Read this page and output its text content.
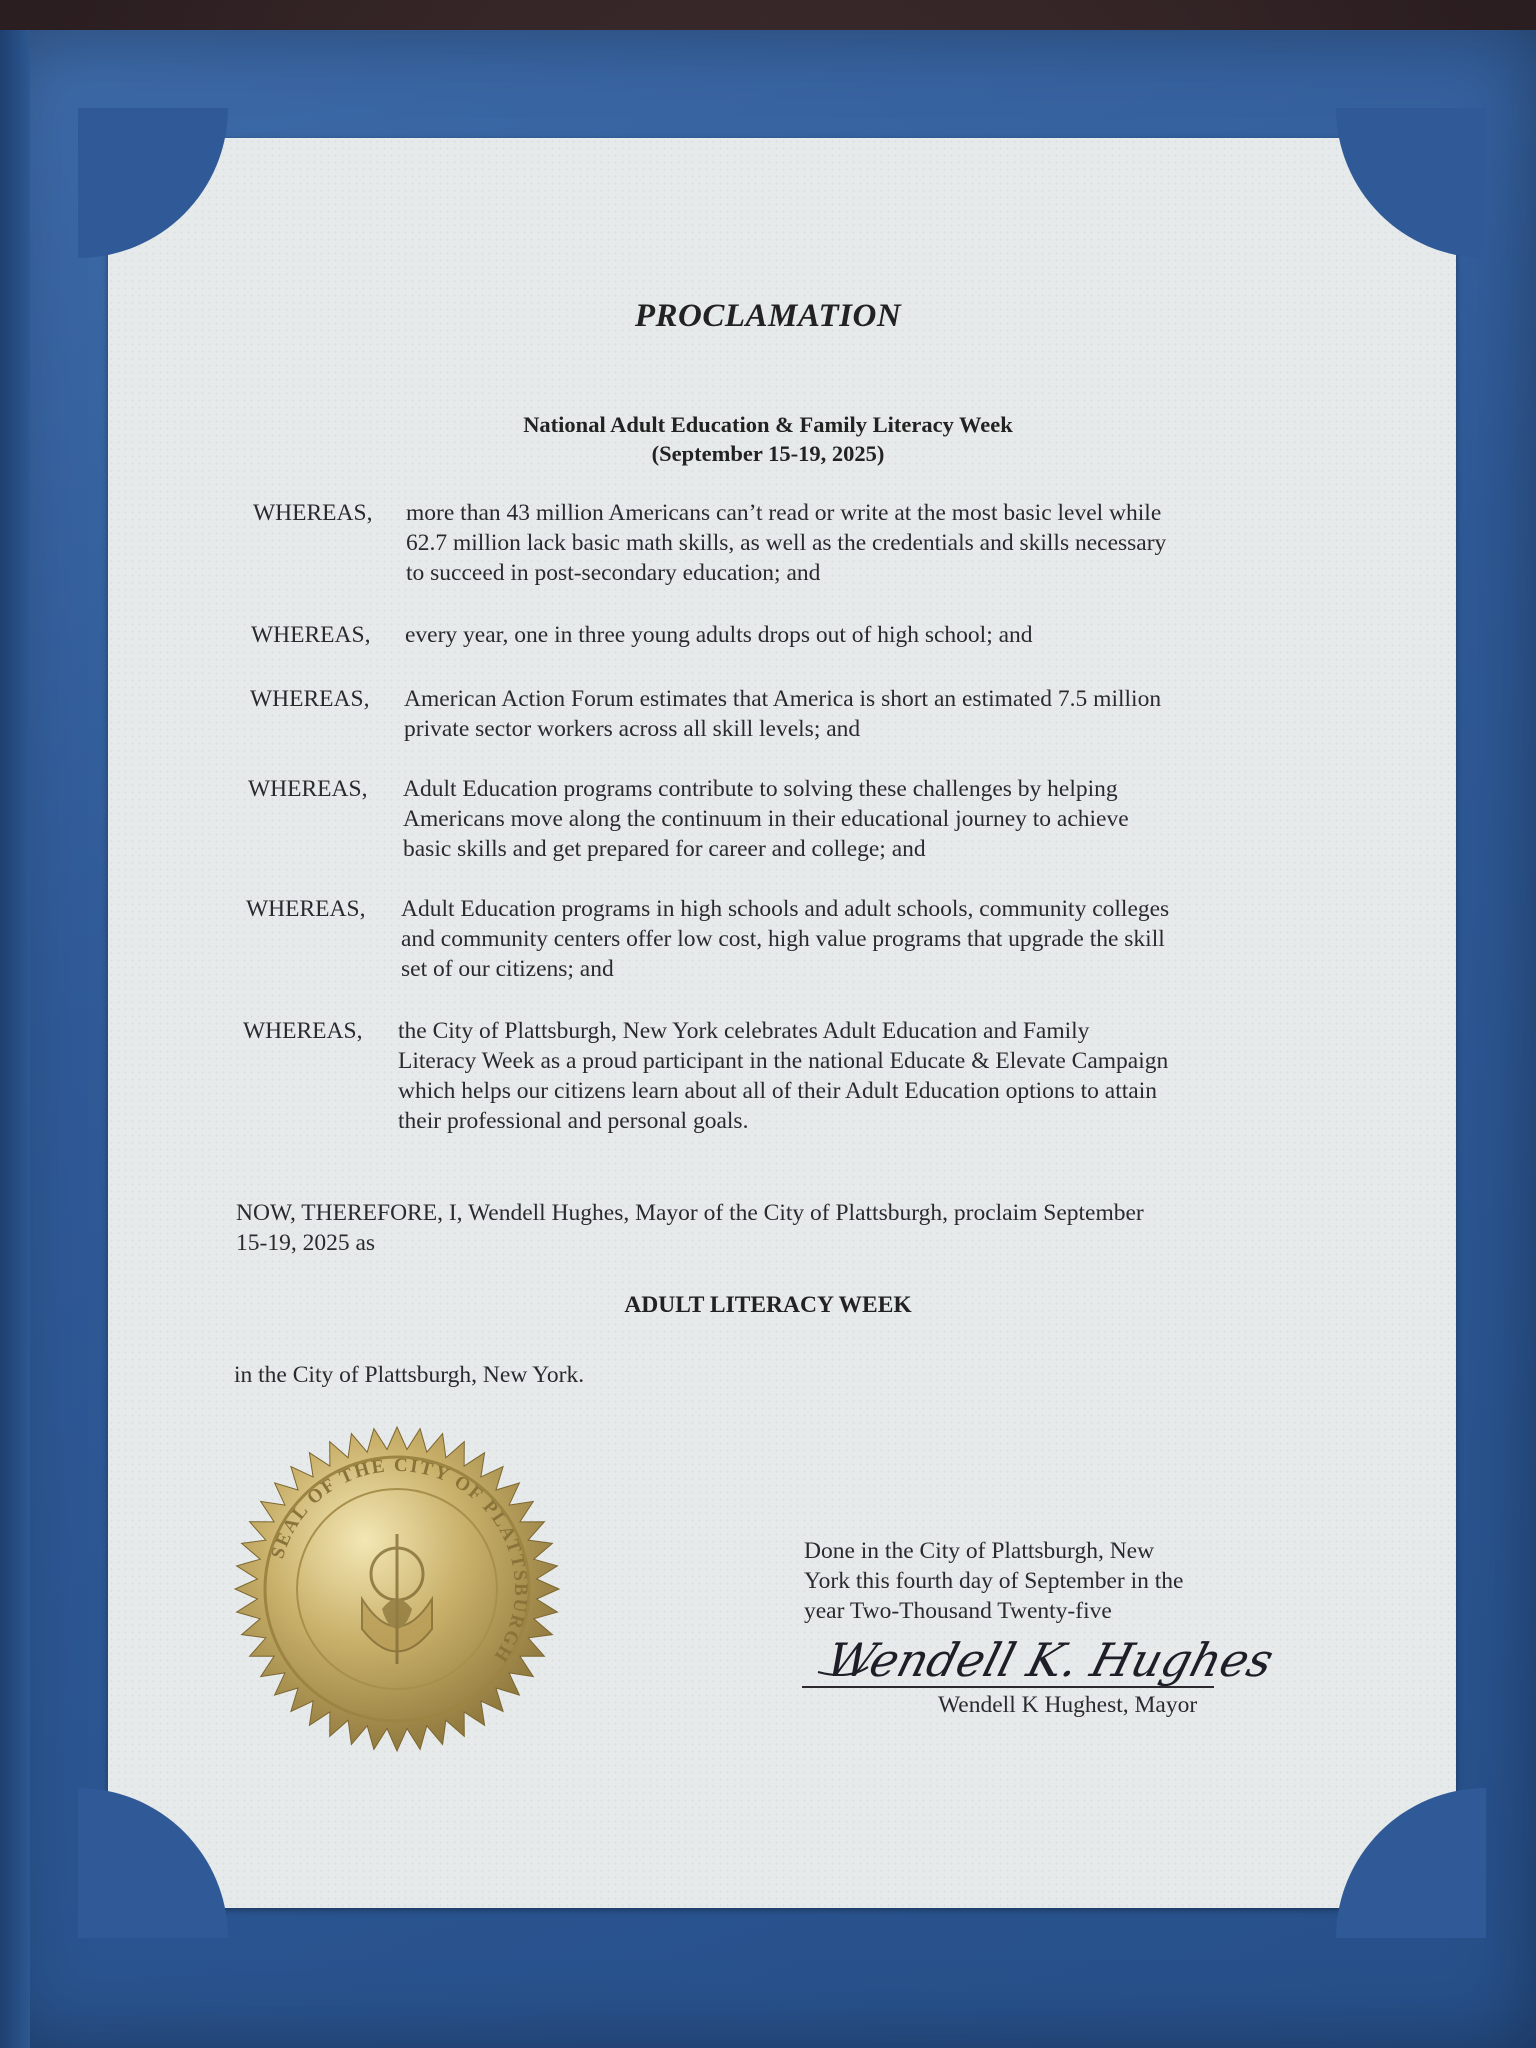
PROCLAMATION
National Adult Education & Family Literacy Week
(September 15-19, 2025)
WHEREAS,	more than 43 million Americans can’t read or write at the most basic level while
62.7 million lack basic math skills, as well as the credentials and skills necessary
to succeed in post-secondary education; and
WHEREAS,	every year, one in three young adults drops out of high school; and
WHEREAS,	American Action Forum estimates that America is short an estimated 7.5 million
private sector workers across all skill levels; and
WHEREAS,	Adult Education programs contribute to solving these challenges by helping
Americans move along the continuum in their educational journey to achieve
basic skills and get prepared for career and college; and
WHEREAS,	Adult Education programs in high schools and adult schools, community colleges
and community centers offer low cost, high value programs that upgrade the skill
set of our citizens; and
WHEREAS,	the City of Plattsburgh, New York celebrates Adult Education and Family
Literacy Week as a proud participant in the national Educate & Elevate Campaign
which helps our citizens learn about all of their Adult Education options to attain
their professional and personal goals.
NOW, THEREFORE, I, Wendell Hughes, Mayor of the City of Plattsburgh, proclaim September
15-19, 2025 as
ADULT LITERACY WEEK
in the City of Plattsburgh, New York.
SEAL OF THE CITY OF PLATTSBURGH
Done in the City of Plattsburgh, New
York this fourth day of September in the
year Two-Thousand Twenty-five
Wendell K. Hughes
Wendell K Hughest, Mayor
